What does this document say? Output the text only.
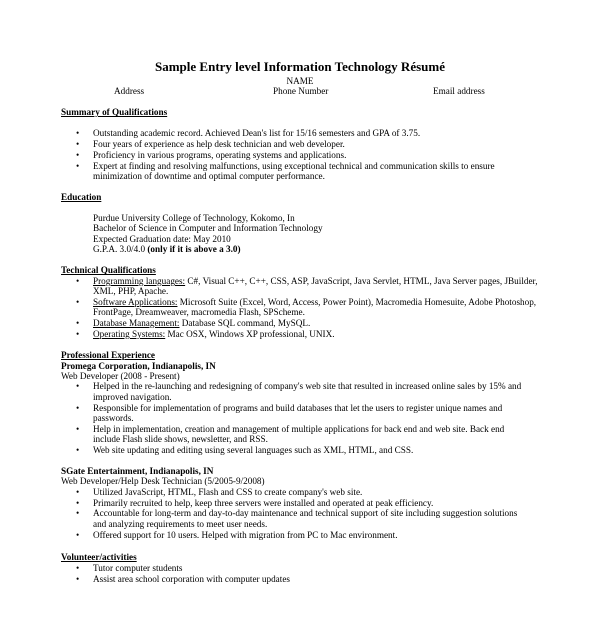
Sample Entry level Information Technology Résumé
NAME
Address	Phone Number	Email address
Summary of Qualifications
• Outstanding academic record. Achieved Dean's list for 15/16 semesters and GPA of 3.75.
• Four years of experience as help desk technician and web developer.
• Proficiency in various programs, operating systems and applications.
• Expert at finding and resolving malfunctions, using exceptional technical and communication skills to ensure
minimization of downtime and optimal computer performance.
Education
Purdue University College of Technology, Kokomo, In
Bachelor of Science in Computer and Information Technology
Expected Graduation date: May 2010
G.P.A. 3.0/4.0 (only if it is above a 3.0)
Technical Qualifications
• Programming languages: C#, Visual C++, C++, CSS, ASP, JavaScript, Java Servlet, HTML, Java Server pages, JBuilder,
XML, PHP, Apache.
• Software Applications: Microsoft Suite (Excel, Word, Access, Power Point), Macromedia Homesuite, Adobe Photoshop,
FrontPage, Dreamweaver, macromedia Flash, SPScheme.
• Database Management: Database SQL command, MySQL.
• Operating Systems: Mac OSX, Windows XP professional, UNIX.
Professional Experience
Promega Corporation, Indianapolis, IN
Web Developer (2008 - Present)
• Helped in the re-launching and redesigning of company's web site that resulted in increased online sales by 15% and
improved navigation.
• Responsible for implementation of programs and build databases that let the users to register unique names and
passwords.
• Help in implementation, creation and management of multiple applications for back end and web site. Back end
include Flash slide shows, newsletter, and RSS.
• Web site updating and editing using several languages such as XML, HTML, and CSS.
SGate Entertainment, Indianapolis, IN
Web Developer/Help Desk Technician (5/2005-9/2008)
• Utilized JavaScript, HTML, Flash and CSS to create company's web site.
• Primarily recruited to help, keep three servers were installed and operated at peak efficiency.
• Accountable for long-term and day-to-day maintenance and technical support of site including suggestion solutions
and analyzing requirements to meet user needs.
• Offered support for 10 users. Helped with migration from PC to Mac environment.
Volunteer/activities
• Tutor computer students
• Assist area school corporation with computer updates
